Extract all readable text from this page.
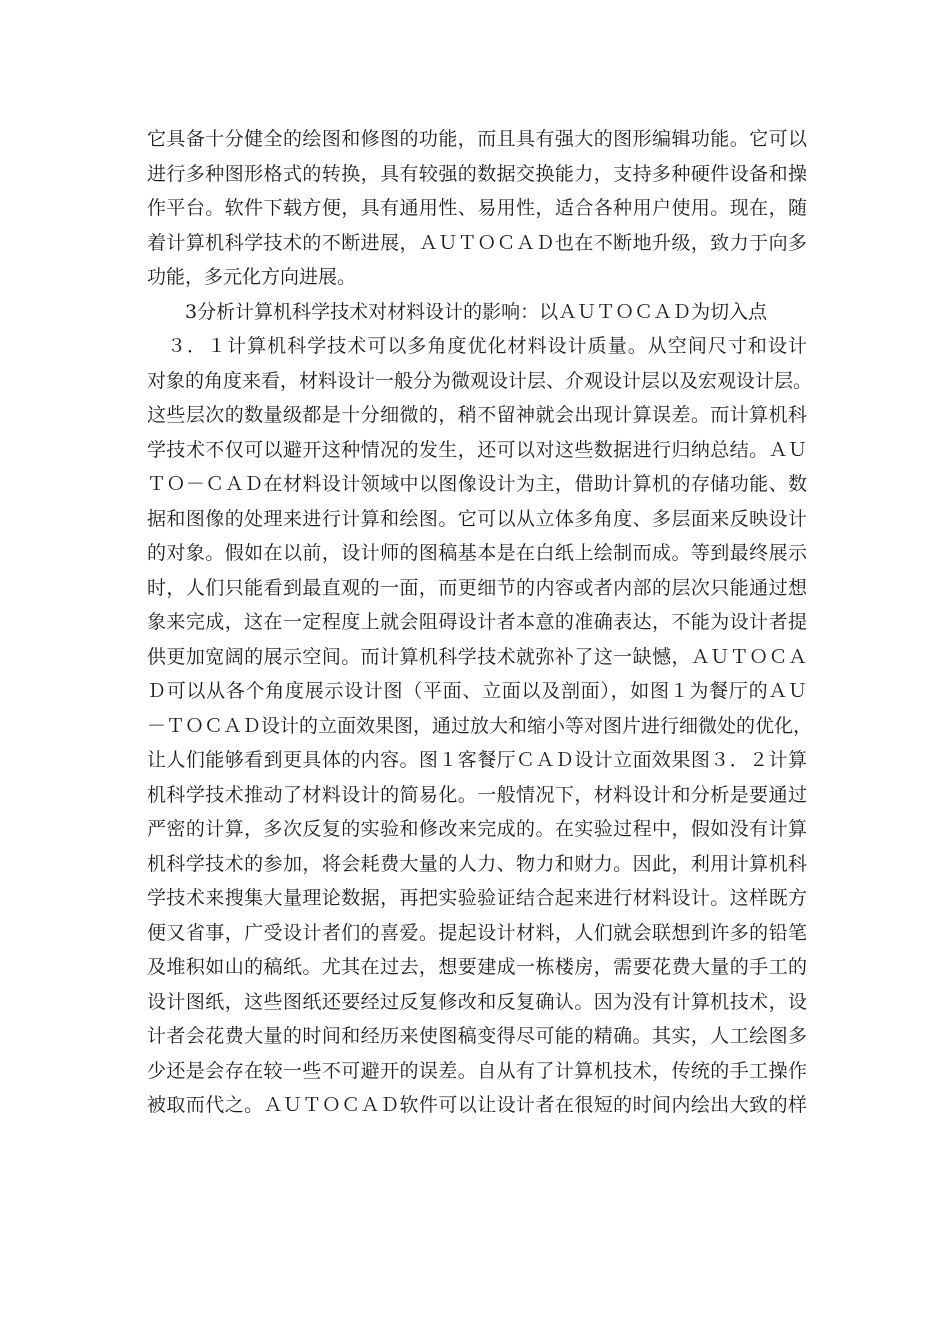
它具备十分健全的绘图和修图的功能，而且具有强大的图形编辑功能。它可以
进行多种图形格式的转换，具有较强的数据交换能力，支持多种硬件设备和操
作平台。软件下载方便，具有通用性、易用性，适合各种用户使用。现在，随
着计算机科学技术的不断进展，ＡＵＴＯＣＡＤ也在不断地升级，致力于向多
功能，多元化方向进展。
3分析计算机科学技术对材料设计的影响：以ＡＵＴＯＣＡＤ为切入点
３．１计算机科学技术可以多角度优化材料设计质量。从空间尺寸和设计
对象的角度来看，材料设计一般分为微观设计层、介观设计层以及宏观设计层。
这些层次的数量级都是十分细微的，稍不留神就会出现计算误差。而计算机科
学技术不仅可以避开这种情况的发生，还可以对这些数据进行归纳总结。ＡＵ
ＴＯ－ＣＡＤ在材料设计领域中以图像设计为主，借助计算机的存储功能、数
据和图像的处理来进行计算和绘图。它可以从立体多角度、多层面来反映设计
的对象。假如在以前，设计师的图稿基本是在白纸上绘制而成。等到最终展示
时，人们只能看到最直观的一面，而更细节的内容或者内部的层次只能通过想
象来完成，这在一定程度上就会阻碍设计者本意的准确表达，不能为设计者提
供更加宽阔的展示空间。而计算机科学技术就弥补了这一缺憾，ＡＵＴＯＣＡ
Ｄ可以从各个角度展示设计图（平面、立面以及剖面），如图１为餐厅的ＡＵ
－ＴＯＣＡＤ设计的立面效果图，通过放大和缩小等对图片进行细微处的优化，
让人们能够看到更具体的内容。图１客餐厅ＣＡＤ设计立面效果图３．２计算
机科学技术推动了材料设计的简易化。一般情况下，材料设计和分析是要通过
严密的计算，多次反复的实验和修改来完成的。在实验过程中，假如没有计算
机科学技术的参加，将会耗费大量的人力、物力和财力。因此，利用计算机科
学技术来搜集大量理论数据，再把实验验证结合起来进行材料设计。这样既方
便又省事，广受设计者们的喜爱。提起设计材料，人们就会联想到许多的铅笔
及堆积如山的稿纸。尤其在过去，想要建成一栋楼房，需要花费大量的手工的
设计图纸，这些图纸还要经过反复修改和反复确认。因为没有计算机技术，设
计者会花费大量的时间和经历来使图稿变得尽可能的精确。其实，人工绘图多
少还是会存在较一些不可避开的误差。自从有了计算机技术，传统的手工操作
被取而代之。ＡＵＴＯＣＡＤ软件可以让设计者在很短的时间内绘出大致的样
